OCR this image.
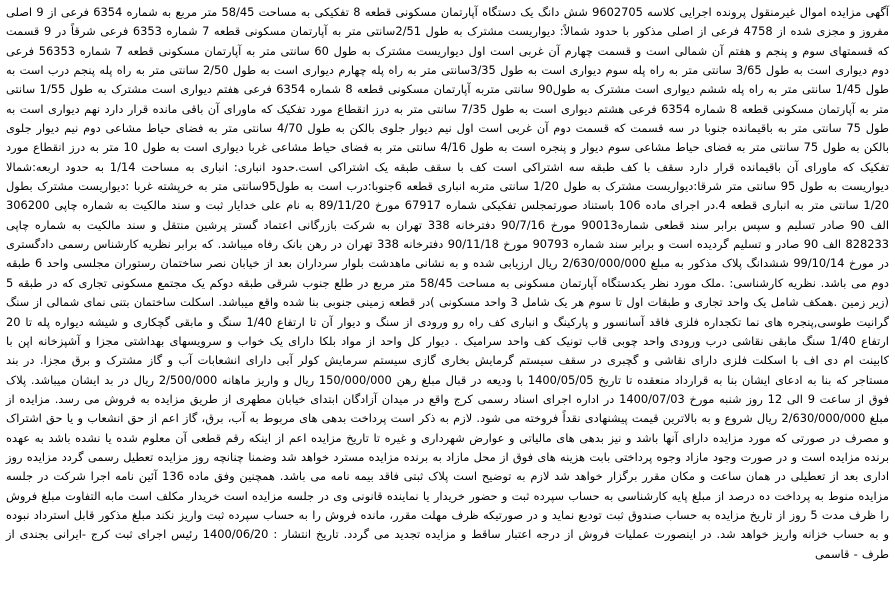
آگهی مزایده اموال غیرمنقول پرونده اجرایی کلاسه 9602705 شش دانگ یک دستگاه آپارتمان مسکونی قطعه 8 تفکیکی به مساحت 58/45 متر مربع به شماره 6354 فرعی از 9 اصلی مفروز و مجزی شده از 4758 فرعی از اصلی مذکور با حدود شمالاً: دیواریست مشترک به طول 2/51سانتی متر به آپارتمان مسکونی قطعه 7 شماره 6353 فرعی شرقاً در 9 قسمت که قسمتهای سوم و پنجم و هفتم آن شمالی است و قسمت چهارم آن غربی است اول دیواریست مشترک به طول 60 سانتی متر به آپارتمان مسکونی قطعه 7 شماره 56353 فرعی دوم دیواری است به طول 3/65 سانتی متر به راه پله سوم دیواری است به طول 3/35سانتی متر به راه پله چهارم دیواری است به طول 2/50 سانتی متر به راه پله پنجم درب است به طول 1/45 سانتی متر به راه پله ششم دیواری است مشترک به طول90 سانتی متربه آپارتمان مسکونی قطعه 8 شماره 6354 فرعی هفتم دیواری است مشترک به طول 1/55 سانتی متر به آپارتمان مسکونی قطعه 8 شماره 6354 فرعی هشتم دیواری است به طول 7/35 سانتی متر به درز انقطاع مورد تفکیک که ماورای آن باقی مانده قرار دارد نهم دیواری است به طول 75 سانتی متر به باقیمانده جنوبا در سه قسمت که قسمت دوم آن غربی است اول نیم دیوار جلوی بالکن به طول 4/70 سانتی متر به فضای حیاط مشاعی دوم نیم دیوار جلوی بالکن به طول 75 سانتی متر به فضای حیاط مشاعی سوم دیوار و پنجره است به طول 4/16 سانتی متر به فضای حیاط مشاعی غربا دیواری است به طول 10 متر به درز انقطاع مورد تفکیک که ماورای آن باقیمانده قرار دارد سقف با کف طبقه سه اشتراکی است کف با سقف طبقه یک اشتراکی است.حدود انباری: انباری به مساحت 1/14 به حدود اربعه:شمالا دیواریست به طول 95 سانتی متر شرقا:دیواریست مشترک به طول 1/20 سانتی متربه انباری قطعه 6جنوبا:درب است به طول95سانتی متر به خرپشته غربا :دیواریست مشترک بطول 1/20 سانتی متر به انباری قطعه 4.در اجرای ماده 106 باستناد صورتمجلس تفکیکی شماره 67917 مورخ 89/11/20 به نام علی خدایار ثبت و سند مالکیت به شماره چاپی 306200 الف 90 صادر تسلیم و سپس برابر سند قطعی شماره90013 مورخ 90/7/16 دفترخانه 338 تهران به شرکت بازرگانی اعتماد گستر پرشین منتقل و سند مالکیت به شماره چاپی 828233 الف 90 صادر و تسلیم گردیده است و برابر سند شماره 90793 مورخ 90/11/18 دفترخانه 338 تهران در رهن بانک رفاه میباشد. که برابر نظریه کارشناس رسمی دادگستری در مورخ 99/10/14 ششدانگ پلاک مذکور به مبلغ 2/630/000/000 ریال ارزیابی شده و به نشانی ماهدشت بلوار سرداران بعد از خیابان نصر ساختمان رستوران مجلسی واحد 6 طبقه دوم می باشد. نظریه کارشناسی: .ملک مورد نظر یکدستگاه آپارتمان مسکونی به مساحت 58/45 متر مربع در طلع جنوب شرقی طبقه دوکم یک مجتمع مسکونی تجاری که در طبقه 5 (زیر زمین .همکف شامل یک واحد تجاری و طبقات اول تا سوم هر یک شامل 3 واحد مسکونی )در قطعه زمینی جنوبی بنا شده واقع میباشد. اسکلت ساختمان بتنی نمای شمالی از سنگ گرانیت طوسی,پنجره های نما تکجداره فلزی فاقد آسانسور و پارکینگ و انباری کف راه رو ورودی از سنگ و دیوار آن تا ارتفاع 1/40 سنگ و مابقی گچکاری و شیشه دیواره پله تا 20 ارتفاع 1/40 سنگ مابقی نقاشی درب ورودی واحد چوبی قاب تونیک کف واحد سرامیک . دیوار کل واحد از مواد بلکا دارای یک خواب و سرویسهای بهداشتی مجزا و آشپزخانه اپن با کابینت ام دی اف با اسکلت فلزی دارای نقاشی و گچبری در سقف سیستم گرمایش بخاری گازی سیستم سرمایش کولر آبی دارای انشعابات آب و گاز مشترک و برق مجزا. در بند مستاجر که بنا به ادعای ایشان بنا به قرارداد منعقده تا تاریخ 1400/05/05 با ودیعه در قبال مبلغ رهن 150/000/000 ریال و واریز ماهانه 2/500/000 ریال در بد ایشان میباشد. پلاک فوق از ساعت 9 الی 12 روز شنبه مورخ 1400/07/03 در اداره اجرای اسناد رسمی کرج واقع در میدان آزادگان ابتدای خیابان مطهری از طریق مزایده به فروش می رسد. مزایده از مبلغ 2/630/000/000 ریال شروع و به بالاترین قیمت پیشنهادی نقداً فروخته می شود. لازم به ذکر است پرداخت بدهی های مربوط به آب، برق، گاز اعم از حق انشعاب و یا حق اشتراک و مصرف در صورتی که مورد مزایده دارای آنها باشد و نیز بدهی های مالیاتی و عوارض شهرداری و غیره تا تاریخ مزایده اعم از اینکه رقم قطعی آن معلوم شده یا نشده باشد به عهده برنده مزایده است و در صورت وجود مازاد وجوه پرداختی بابت هزینه های فوق از محل مازاد به برنده مزایده مسترد خواهد شد وضمنا چنانچه روز مزایده تعطیل رسمی گردد مزایده روز اداری بعد از تعطیلی در همان ساعت و مکان مقرر برگزار خواهد شد لازم به توضیح است پلاک ثبتی فاقد بیمه نامه می باشد. همچنین وفق ماده 136 آئین نامه اجرا شرکت در جلسه مزایده منوط به پرداخت ده درصد از مبلغ پایه کارشناسی به حساب سپرده ثبت و حضور خریدار یا نماینده قانونی وی در جلسه مزایده است خریدار مکلف است مابه التفاوت مبلغ فروش را ظرف مدت 5 روز از تاریخ مزایده به حساب صندوق ثبت تودیع نماید و در صورتیکه ظرف مهلت مقرر، مانده فروش را به حساب سپرده ثبت واریز نکند مبلغ مذکور قابل استرداد نبوده و به حساب خزانه واریز خواهد شد. در اینصورت عملیات فروش از درجه اعتبار ساقط و مزایده تجدید می گردد. تاریخ انتشار : 1400/06/20 رئیس اجرای ثبت کرج -ایرانی بجندی از طرف - قاسمی
